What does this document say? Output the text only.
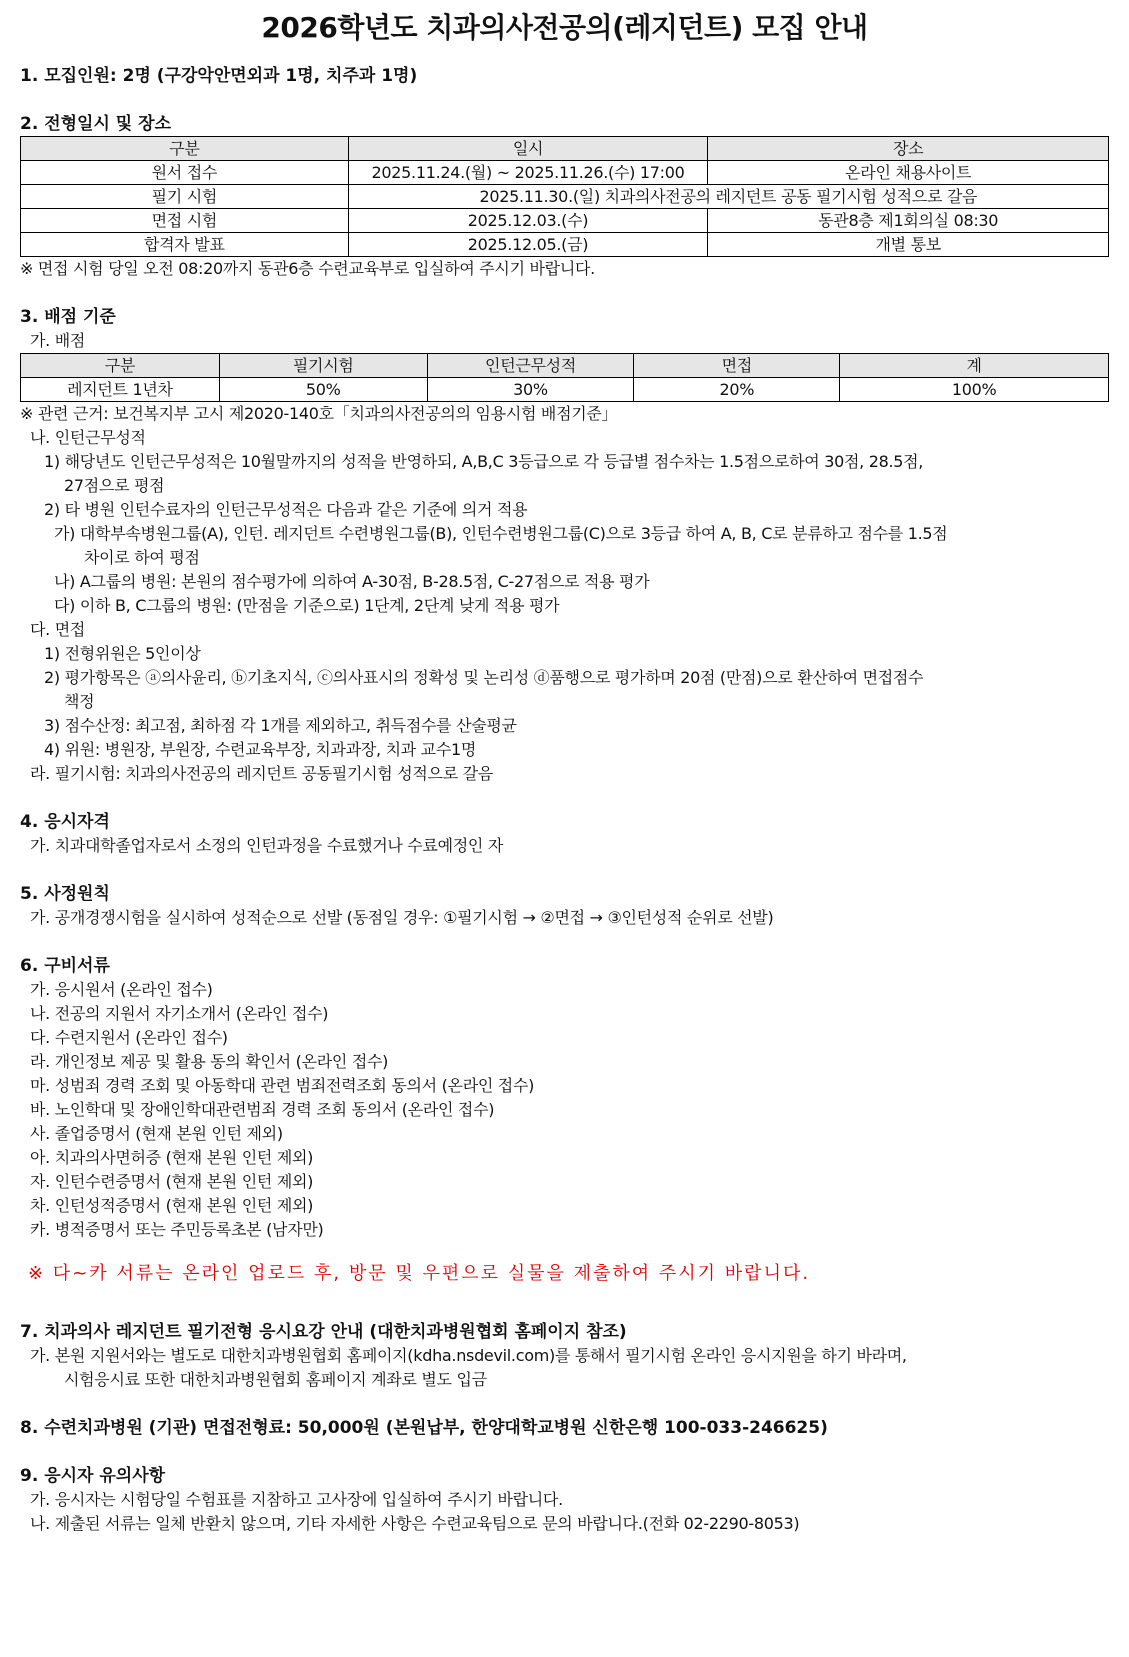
2026학년도 치과의사전공의(레지던트) 모집 안내

1. 모집인원: 2명 (구강악안면외과 1명, 치주과 1명)

2. 전형일시 및 장소

구분	일시	장소
원서 접수	2025.11.24.(월) ~ 2025.11.26.(수) 17:00	온라인 채용사이트
필기 시험	2025.11.30.(일) 치과의사전공의 레지던트 공동 필기시험 성적으로 갈음	
면접 시험	2025.12.03.(수)	동관8층 제1회의실 08:30
합격자 발표	2025.12.05.(금)	개별 통보

※ 면접 시험 당일 오전 08:20까지 동관6층 수련교육부로 입실하여 주시기 바랍니다.

3. 배점 기준

가. 배점

구분	필기시험	인턴근무성적	면접	계
레지던트 1년차	50%	30%	20%	100%

※ 관련 근거: 보건복지부 고시 제2020-140호「치과의사전공의의 임용시험 배점기준」

나. 인턴근무성적

1) 해당년도 인턴근무성적은 10월말까지의 성적을 반영하되, A,B,C 3등급으로 각 등급별 점수차는 1.5점으로하여 30점, 28.5점,

27점으로 평점

2) 타 병원 인턴수료자의 인턴근무성적은 다음과 같은 기준에 의거 적용

가) 대학부속병원그룹(A), 인턴. 레지던트 수련병원그룹(B), 인턴수련병원그룹(C)으로 3등급 하여 A, B, C로 분류하고 점수를 1.5점

차이로 하여 평점

나) A그룹의 병원: 본원의 점수평가에 의하여 A-30점, B-28.5점, C-27점으로 적용 평가

다) 이하 B, C그룹의 병원: (만점을 기준으로) 1단계, 2단계 낮게 적용 평가

다. 면접

1) 전형위원은 5인이상

2) 평가항목은 ⓐ의사윤리, ⓑ기초지식, ⓒ의사표시의 정확성 및 논리성 ⓓ품행으로 평가하며 20점 (만점)으로 환산하여 면접점수

책정

3) 점수산정: 최고점, 최하점 각 1개를 제외하고, 취득점수를 산술평균

4) 위원: 병원장, 부원장, 수련교육부장, 치과과장, 치과 교수1명

라. 필기시험: 치과의사전공의 레지던트 공동필기시험 성적으로 갈음

4. 응시자격

가. 치과대학졸업자로서 소정의 인턴과정을 수료했거나 수료예정인 자

5. 사정원칙

가. 공개경쟁시험을 실시하여 성적순으로 선발 (동점일 경우: ①필기시험 → ②면접 → ③인턴성적 순위로 선발)

6. 구비서류

가. 응시원서 (온라인 접수)

나. 전공의 지원서 자기소개서 (온라인 접수)

다. 수련지원서 (온라인 접수)

라. 개인정보 제공 및 활용 동의 확인서 (온라인 접수)

마. 성범죄 경력 조회 및 아동학대 관련 범죄전력조회 동의서 (온라인 접수)

바. 노인학대 및 장애인학대관련범죄 경력 조회 동의서 (온라인 접수)

사. 졸업증명서 (현재 본원 인턴 제외)

아. 치과의사면허증 (현재 본원 인턴 제외)

자. 인턴수련증명서 (현재 본원 인턴 제외)

차. 인턴성적증명서 (현재 본원 인턴 제외)

카. 병적증명서 또는 주민등록초본 (남자만)

※ 다~카 서류는 온라인 업로드 후, 방문 및 우편으로 실물을 제출하여 주시기 바랍니다.

7. 치과의사 레지던트 필기전형 응시요강 안내 (대한치과병원협회 홈페이지 참조)

가. 본원 지원서와는 별도로 대한치과병원협회 홈페이지(kdha.nsdevil.com)를 통해서 필기시험 온라인 응시지원을 하기 바라며,

시험응시료 또한 대한치과병원협회 홈페이지 계좌로 별도 입금

8. 수련치과병원 (기관) 면접전형료: 50,000원 (본원납부, 한양대학교병원 신한은행 100-033-246625)

9. 응시자 유의사항

가. 응시자는 시험당일 수험표를 지참하고 고사장에 입실하여 주시기 바랍니다.

나. 제출된 서류는 일체 반환치 않으며, 기타 자세한 사항은 수련교육팀으로 문의 바랍니다.(전화 02-2290-8053)
